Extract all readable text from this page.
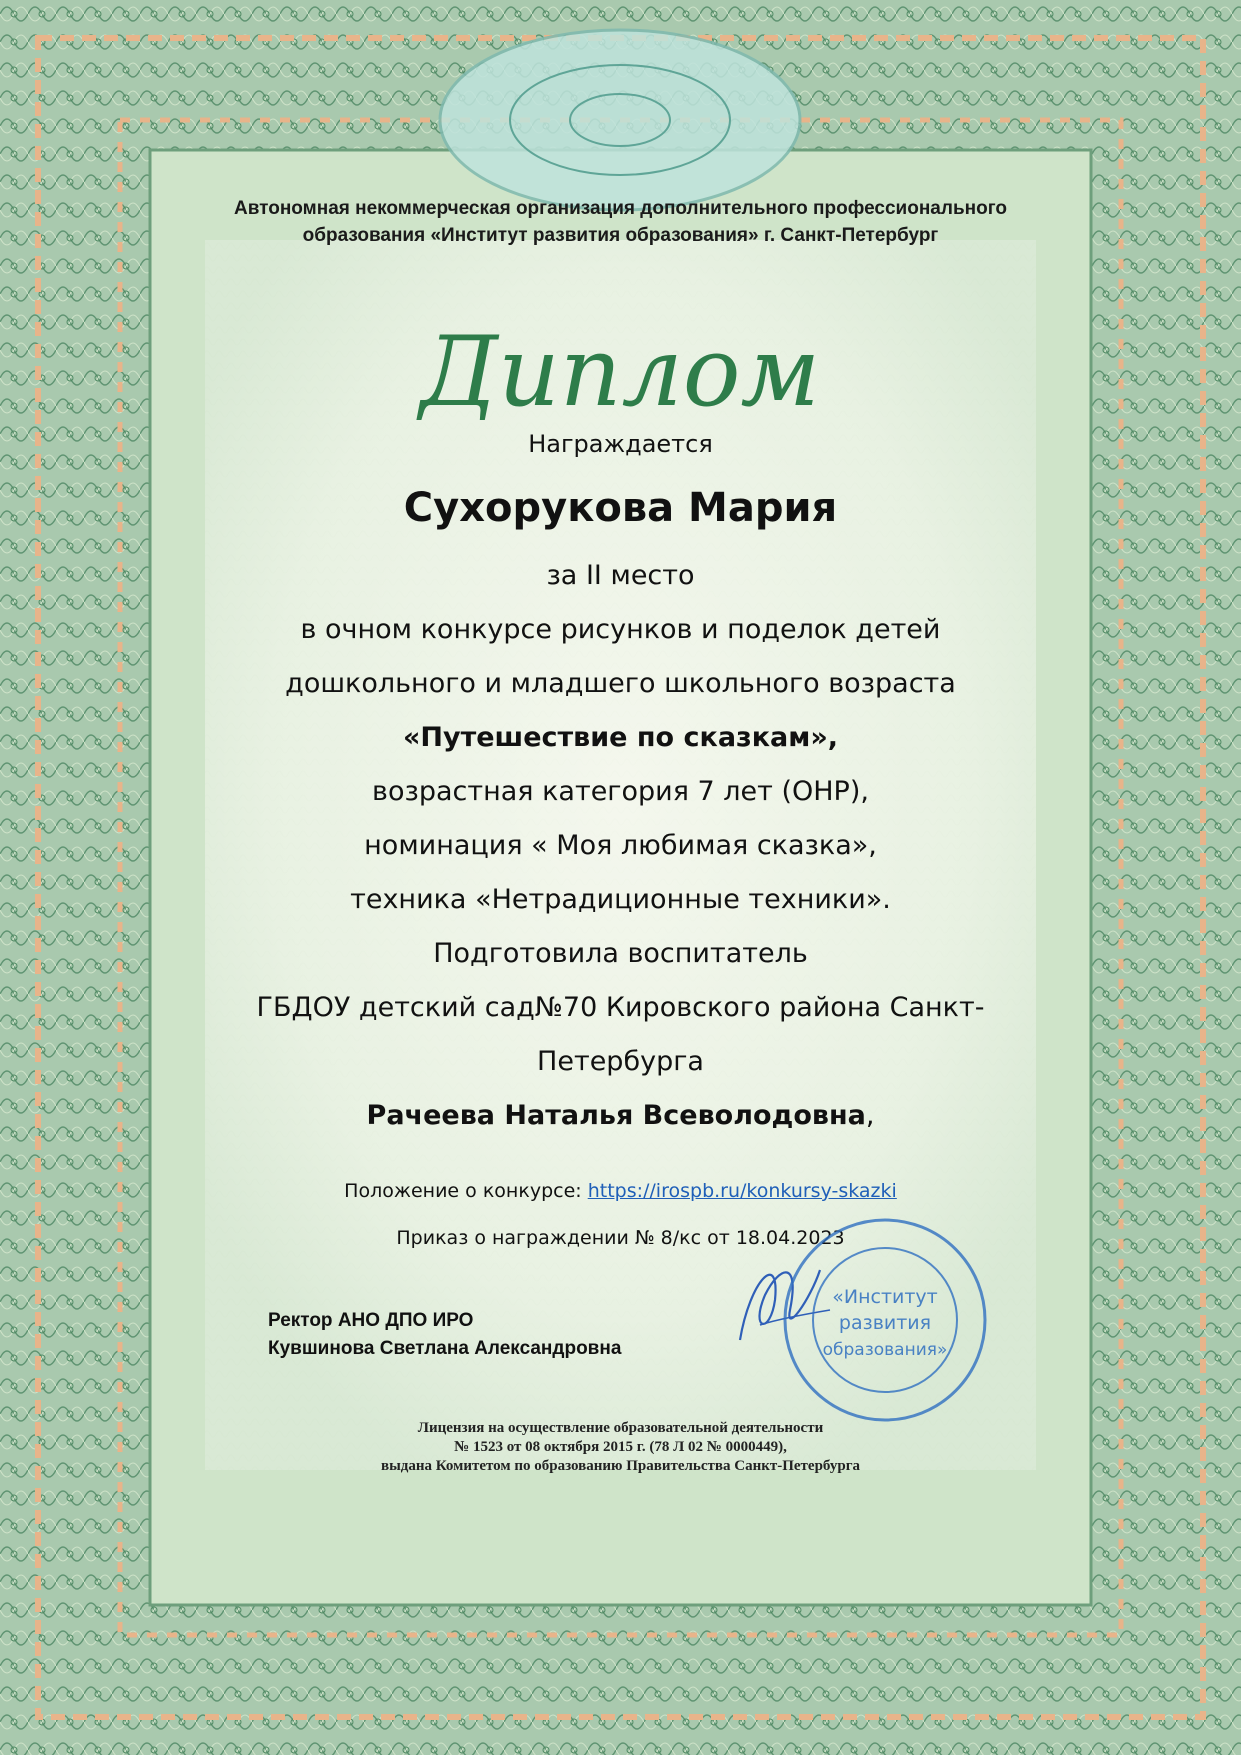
Автономная некоммерческая организация дополнительного профессионального
образования «Институт развития образования» г. Санкт-Петербург
Диплом
Награждается
Сухорукова Мария
за II место
в очном конкурсе рисунков и поделок детей
дошкольного и младшего школьного возраста
«Путешествие по сказкам»,
возрастная категория 7 лет (ОНР),
номинация « Моя любимая сказка»,
техника «Нетрадиционные техники».
Подготовила воспитатель
ГБДОУ детский сад№70 Кировского района Санкт-
Петербурга
Рачеева Наталья Всеволодовна,
Положение о конкурсе: https://irospb.ru/konkursy-skazki
Приказ о награждении № 8/кс от 18.04.2023
Ректор АНО ДПО ИРО
Кувшинова Светлана Александровна
«Институт
развития
образования»
Лицензия на осуществление образовательной деятельности
№ 1523 от 08 октября 2015 г. (78 Л 02 № 0000449),
выдана Комитетом по образованию Правительства Санкт-Петербурга
